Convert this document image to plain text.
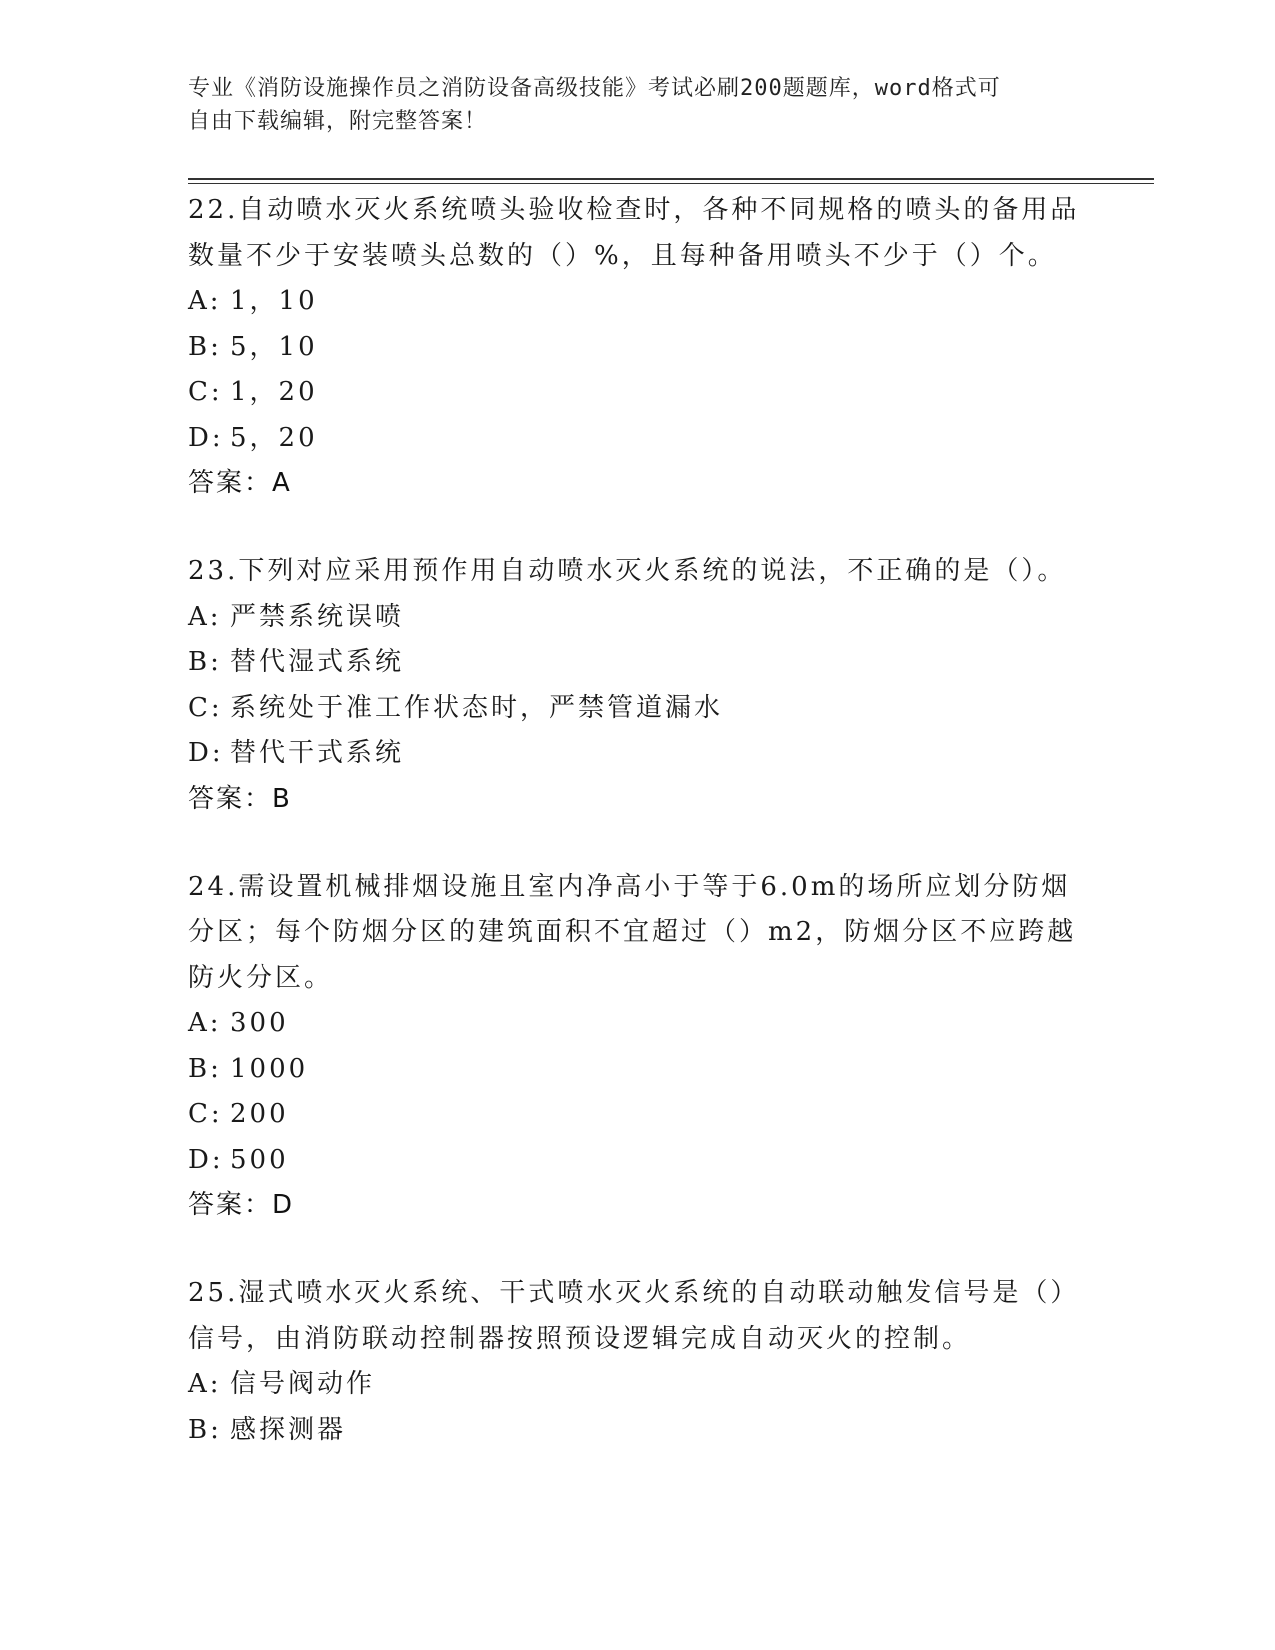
专业《消防设施操作员之消防设备高级技能》考试必刷200题题库，word格式可
自由下载编辑，附完整答案！

22.自动喷水灭火系统喷头验收检查时，各种不同规格的喷头的备用品数量不少于安装喷头总数的（）%，且每种备用喷头不少于（）个。

A: 1，10

B: 5，10

C: 1，20

D: 5，20

答案：A

23.下列对应采用预作用自动喷水灭火系统的说法，不正确的是（）。

A: 严禁系统误喷

B: 替代湿式系统

C: 系统处于准工作状态时，严禁管道漏水

D: 替代干式系统

答案：B

24.需设置机械排烟设施且室内净高小于等于6.0m的场所应划分防烟分区；每个防烟分区的建筑面积不宜超过（）m2，防烟分区不应跨越防火分区。

A: 300

B: 1000

C: 200

D: 500

答案：D

25.湿式喷水灭火系统、干式喷水灭火系统的自动联动触发信号是（）信号，由消防联动控制器按照预设逻辑完成自动灭火的控制。

A: 信号阀动作

B: 感探测器
